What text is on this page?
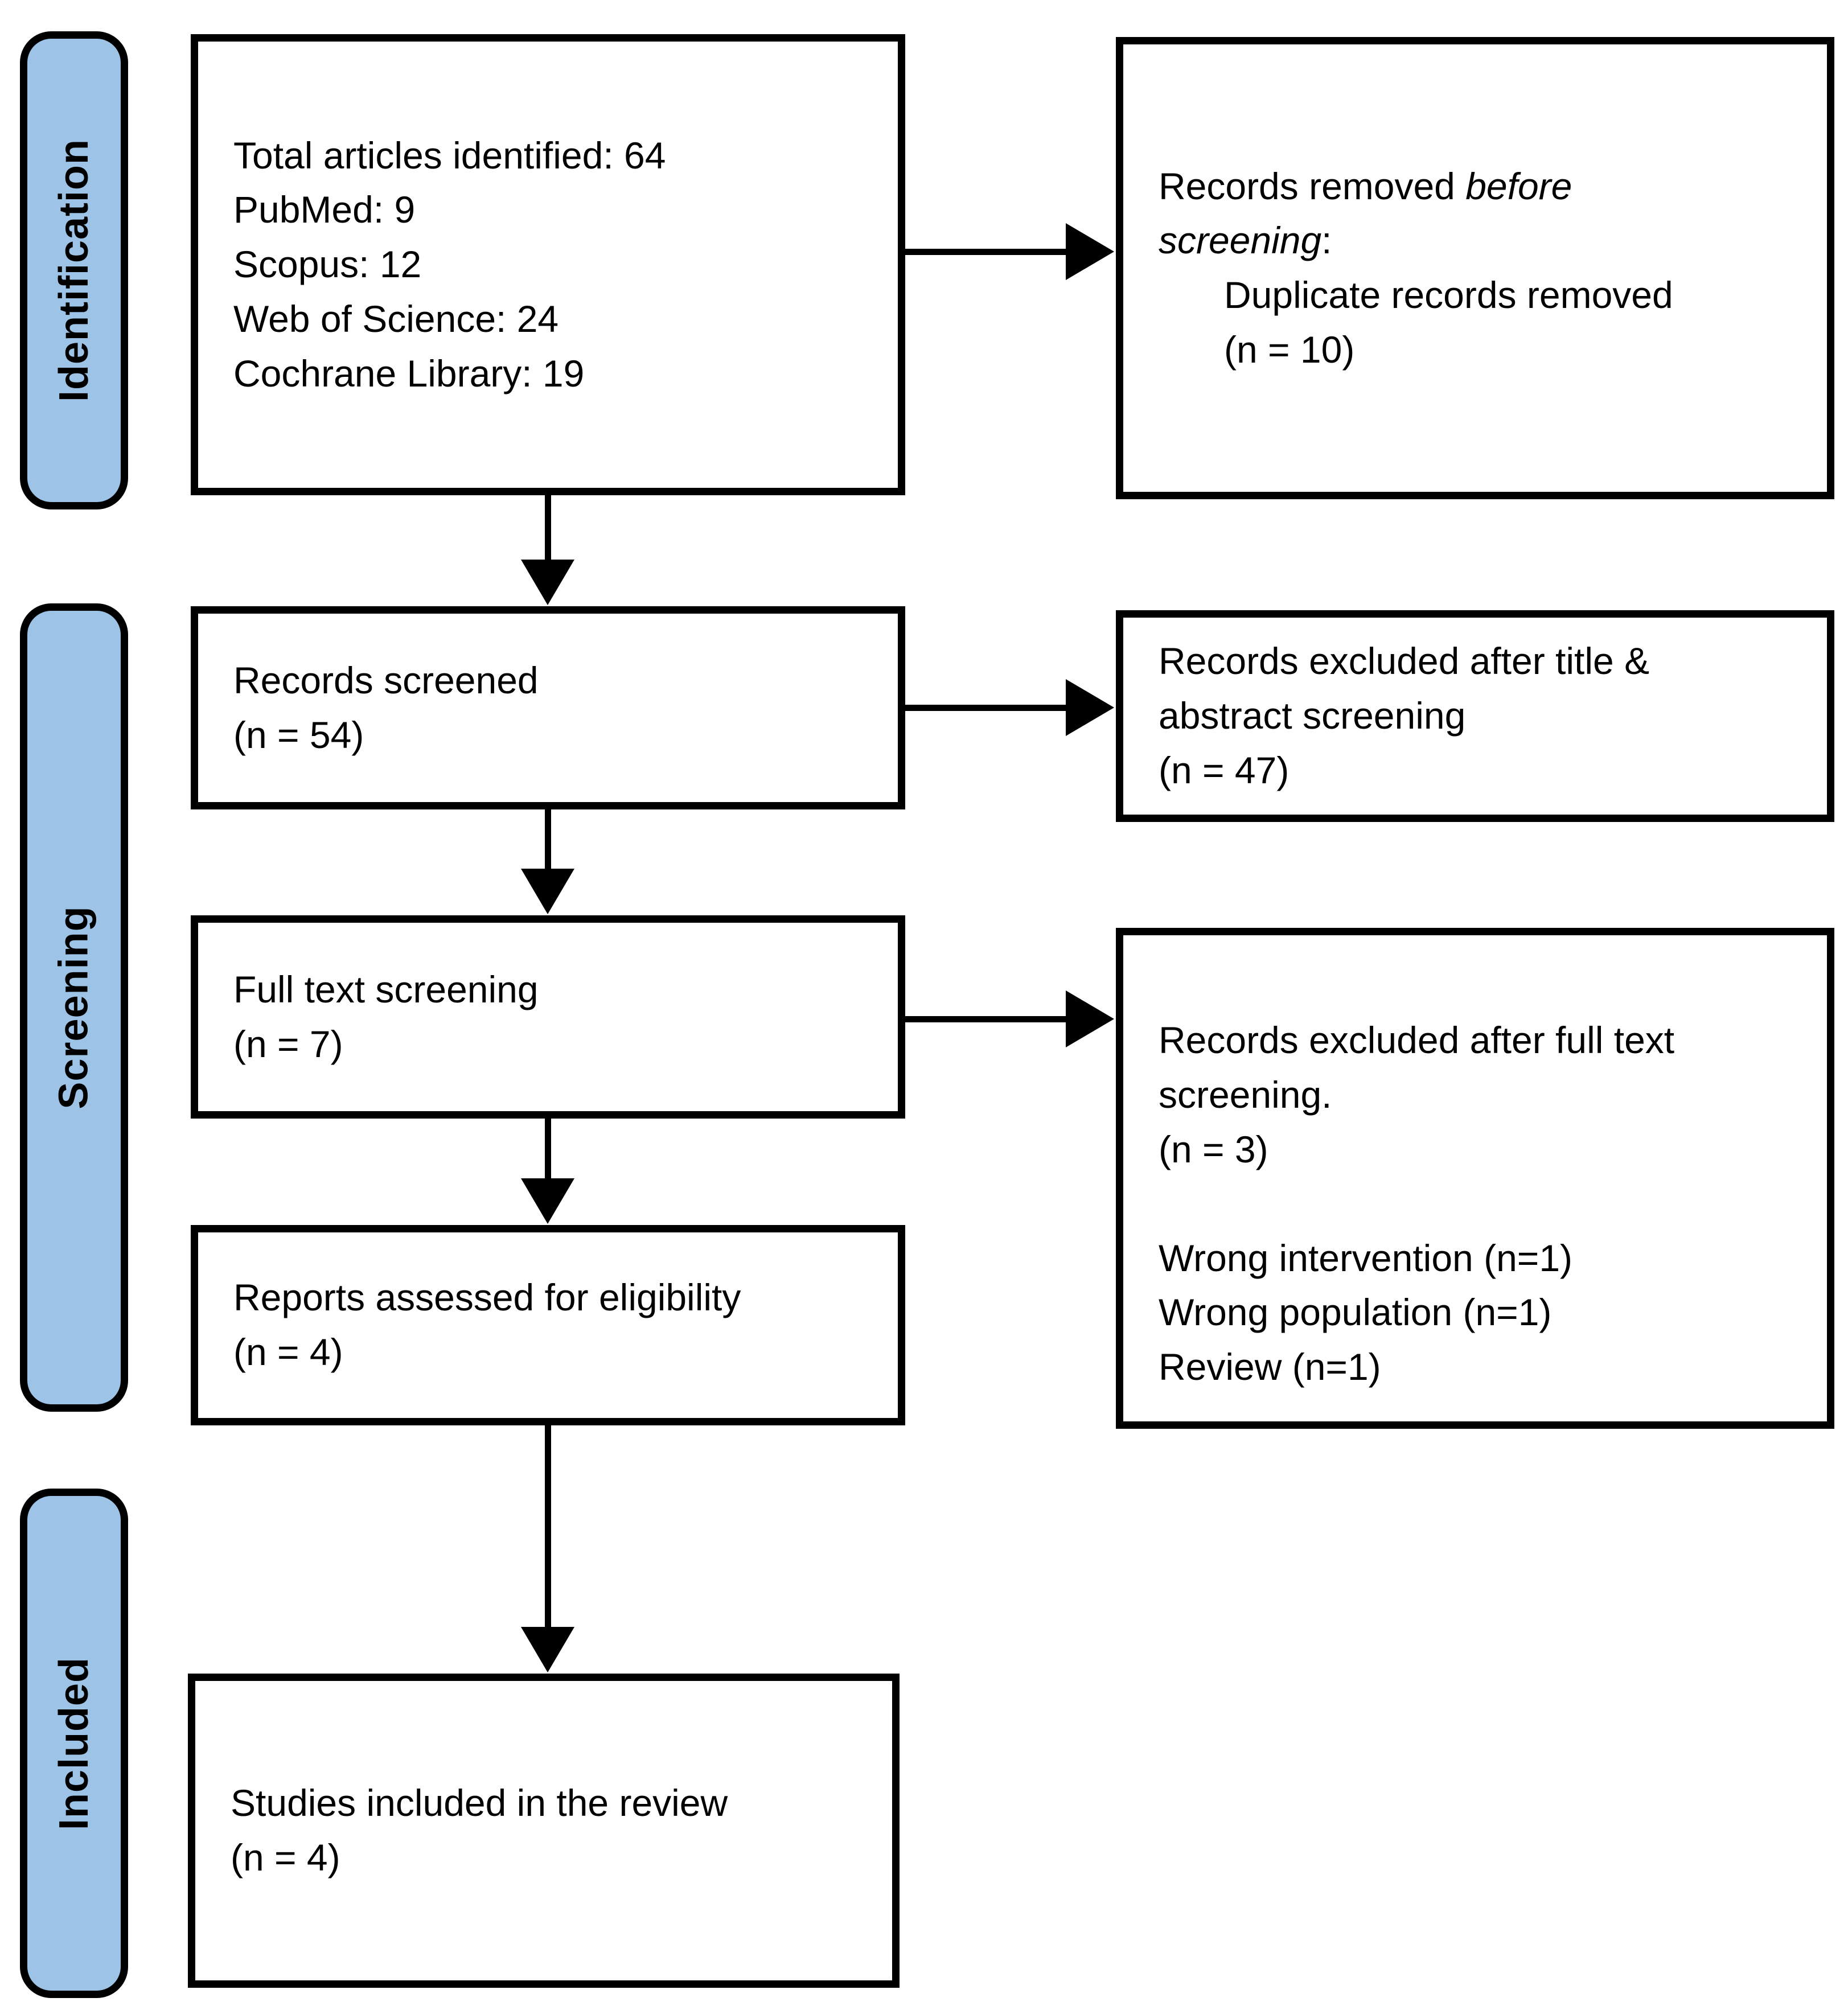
Identification
Screening
Included
Total articles identified: 64
PubMed: 9
Scopus: 12
Web of Science: 24
Cochrane Library: 19
Records removed before screening:
Duplicate records removed
(n = 10)
Records screened
(n = 54)
Records excluded after title & abstract screening
(n = 47)
Full text screening
(n = 7)	Records excluded after full text screening.
(n = 3)
Wrong intervention (n=1)
Wrong population (n=1)
Review (n=1)
Reports assessed for eligibility
(n = 4)
Studies included in the review
(n = 4)
